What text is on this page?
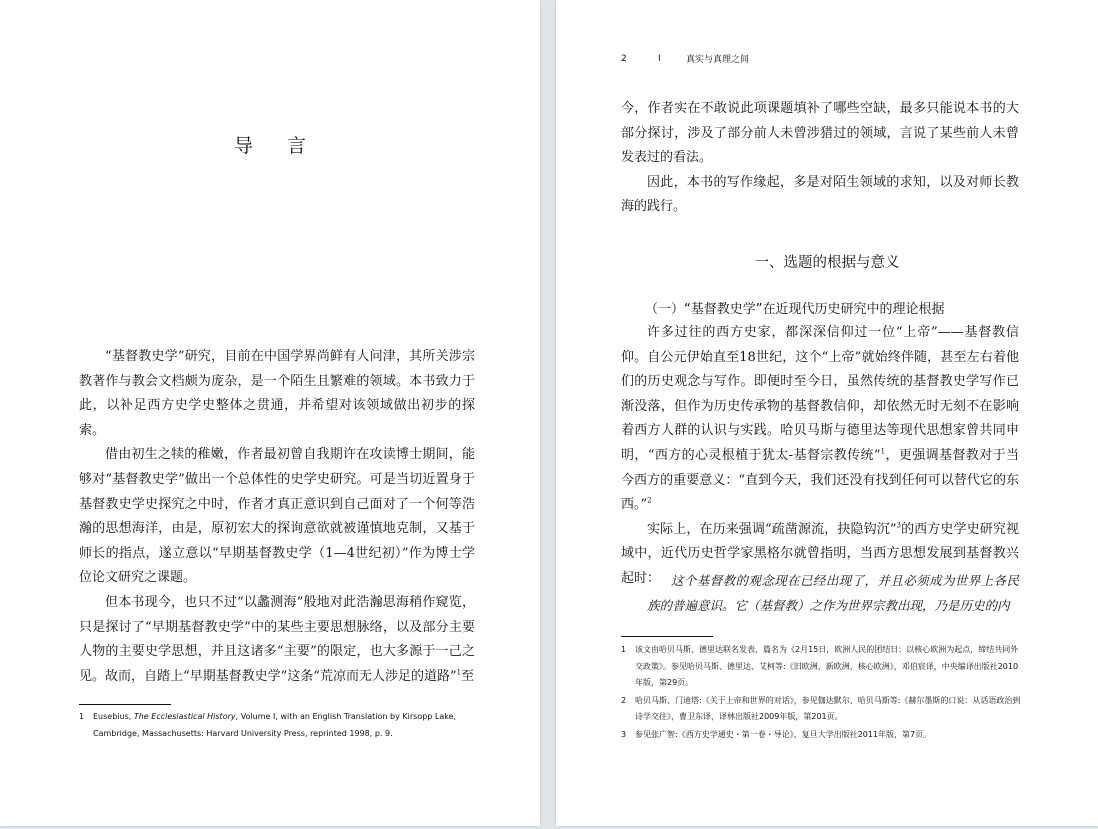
导 言

“基督教史学”研究，目前在中国学界尚鲜有人问津，其所关涉宗教著作与教会文档颇为庞杂，是一个陌生且繁难的领域。本书致力于此，以补足西方史学史整体之贯通，并希望对该领域做出初步的探索。

借由初生之犊的稚嫩，作者最初曾自我期许在攻读博士期间，能够对“基督教史学”做出一个总体性的史学史研究。可是当切近置身于基督教史学史探究之中时，作者才真正意识到自己面对了一个何等浩瀚的思想海洋，由是，原初宏大的探询意欲就被谨慎地克制，又基于师长的指点，遂立意以“早期基督教史学（1—4世纪初）”作为博士学位论文研究之课题。

但本书现今，也只不过“以蠡测海”般地对此浩瀚思海稍作窥览，只是探讨了“早期基督教史学”中的某些主要思想脉络，以及部分主要人物的主要史学思想，并且这诸多“主要”的限定，也大多源于一己之见。故而，自踏上“早期基督教史学”这条“荒凉而无人涉足的道路”$^1$至

1	Eusebius, The Ecclesiastical History, Volume I, with an English Translation by Kirsopp Lake, Cambridge, Massachusetts: Harvard University Press, reprinted 1998, p. 9.
2	I	真实与真理之间

今，作者实在不敢说此项课题填补了哪些空缺，最多只能说本书的大部分探讨，涉及了部分前人未曾涉猎过的领域，言说了某些前人未曾发表过的看法。

因此，本书的写作缘起，多是对陌生领域的求知，以及对师长教海的践行。

一、选题的根据与意义
（一）“基督教史学”在近现代历史研究中的理论根据

许多过往的西方史家，都深深信仰过一位“上帝”——基督教信仰。自公元伊始直至18世纪，这个“上帝”就始终伴随，甚至左右着他们的历史观念与写作。即便时至今日，虽然传统的基督教史学写作已渐没落，但作为历史传承物的基督教信仰，却依然无时无刻不在影响着西方人群的认识与实践。哈贝马斯与德里达等现代思想家曾共同申明，“西方的心灵根植于犹太-基督宗教传统”$^1$，更强调基督教对于当今西方的重要意义：“直到今天，我们还没有找到任何可以替代它的东西。”$^2$

实际上，在历来强调“疏凿源流，抉隐钩沉”$^3$的西方史学史研究视域中，近代历史哲学家黑格尔就曾指明，当西方思想发展到基督教兴起时： 这个基督教的观念现在已经出现了，并且必须成为世界上各民族的普遍意识。它（基督教）之作为世界宗教出现，乃是历史的内

1	该文由哈贝马斯、德里达联名发表，篇名为《2月15日，欧洲人民的团结日：以核心欧洲为起点，缔结共同外交政策》。参见哈贝马斯、德里达、艾柯等:《旧欧洲、新欧洲、核心欧洲》，邓伯宸译，中央编译出版社2010年版，第29页。
2	哈贝马斯、门迪塔:《关于上帝和世界的对话》，参见伽达默尔、哈贝马斯等:《赫尔墨斯的口说：从话语政治到诗学交往》，曹卫东译，译林出版社2009年版，第201页。
3	参见张广智:《西方史学通史・第一卷・导论》，复旦大学出版社2011年版，第7页。
